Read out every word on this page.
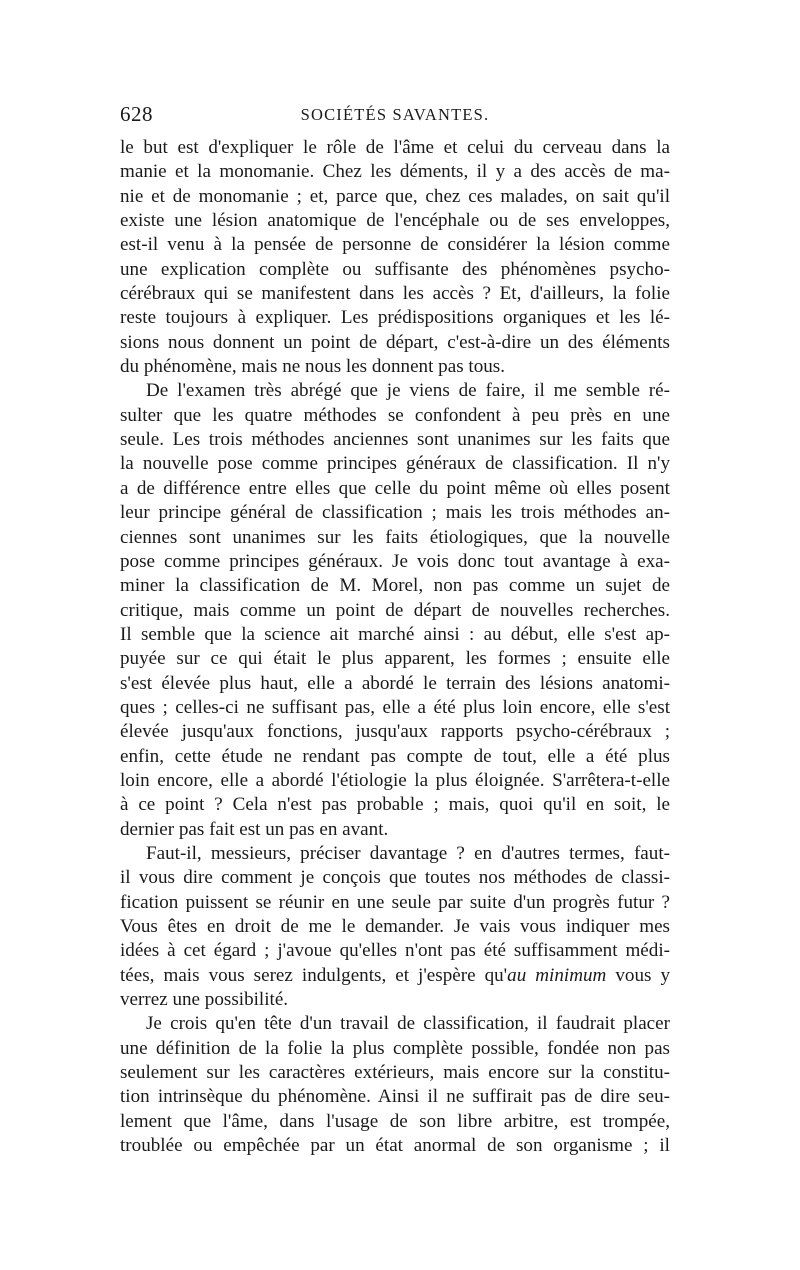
628	SOCIÉTÉS SAVANTES.
le but est d'expliquer le rôle de l'âme et celui du cerveau dans la
manie et la monomanie. Chez les déments, il y a des accès de ma-
nie et de monomanie ; et, parce que, chez ces malades, on sait qu'il
existe une lésion anatomique de l'encéphale ou de ses enveloppes,
est-il venu à la pensée de personne de considérer la lésion comme
une explication complète ou suffisante des phénomènes psycho-
cérébraux qui se manifestent dans les accès ? Et, d'ailleurs, la folie
reste toujours à expliquer. Les prédispositions organiques et les lé-
sions nous donnent un point de départ, c'est-à-dire un des éléments
du phénomène, mais ne nous les donnent pas tous.
De l'examen très abrégé que je viens de faire, il me semble ré-
sulter que les quatre méthodes se confondent à peu près en une
seule. Les trois méthodes anciennes sont unanimes sur les faits que
la nouvelle pose comme principes généraux de classification. Il n'y
a de différence entre elles que celle du point même où elles posent
leur principe général de classification ; mais les trois méthodes an-
ciennes sont unanimes sur les faits étiologiques, que la nouvelle
pose comme principes généraux. Je vois donc tout avantage à exa-
miner la classification de M. Morel, non pas comme un sujet de
critique, mais comme un point de départ de nouvelles recherches.
Il semble que la science ait marché ainsi : au début, elle s'est ap-
puyée sur ce qui était le plus apparent, les formes ; ensuite elle
s'est élevée plus haut, elle a abordé le terrain des lésions anatomi-
ques ; celles-ci ne suffisant pas, elle a été plus loin encore, elle s'est
élevée jusqu'aux fonctions, jusqu'aux rapports psycho-cérébraux ;
enfin, cette étude ne rendant pas compte de tout, elle a été plus
loin encore, elle a abordé l'étiologie la plus éloignée. S'arrêtera-t-elle
à ce point ? Cela n'est pas probable ; mais, quoi qu'il en soit, le
dernier pas fait est un pas en avant.
Faut-il, messieurs, préciser davantage ? en d'autres termes, faut-
il vous dire comment je conçois que toutes nos méthodes de classi-
fication puissent se réunir en une seule par suite d'un progrès futur ?
Vous êtes en droit de me le demander. Je vais vous indiquer mes
idées à cet égard ; j'avoue qu'elles n'ont pas été suffisamment médi-
tées, mais vous serez indulgents, et j'espère qu'au minimum vous y
verrez une possibilité.
Je crois qu'en tête d'un travail de classification, il faudrait placer
une définition de la folie la plus complète possible, fondée non pas
seulement sur les caractères extérieurs, mais encore sur la constitu-
tion intrinsèque du phénomène. Ainsi il ne suffirait pas de dire seu-
lement que l'âme, dans l'usage de son libre arbitre, est trompée,
troublée ou empêchée par un état anormal de son organisme ; il
